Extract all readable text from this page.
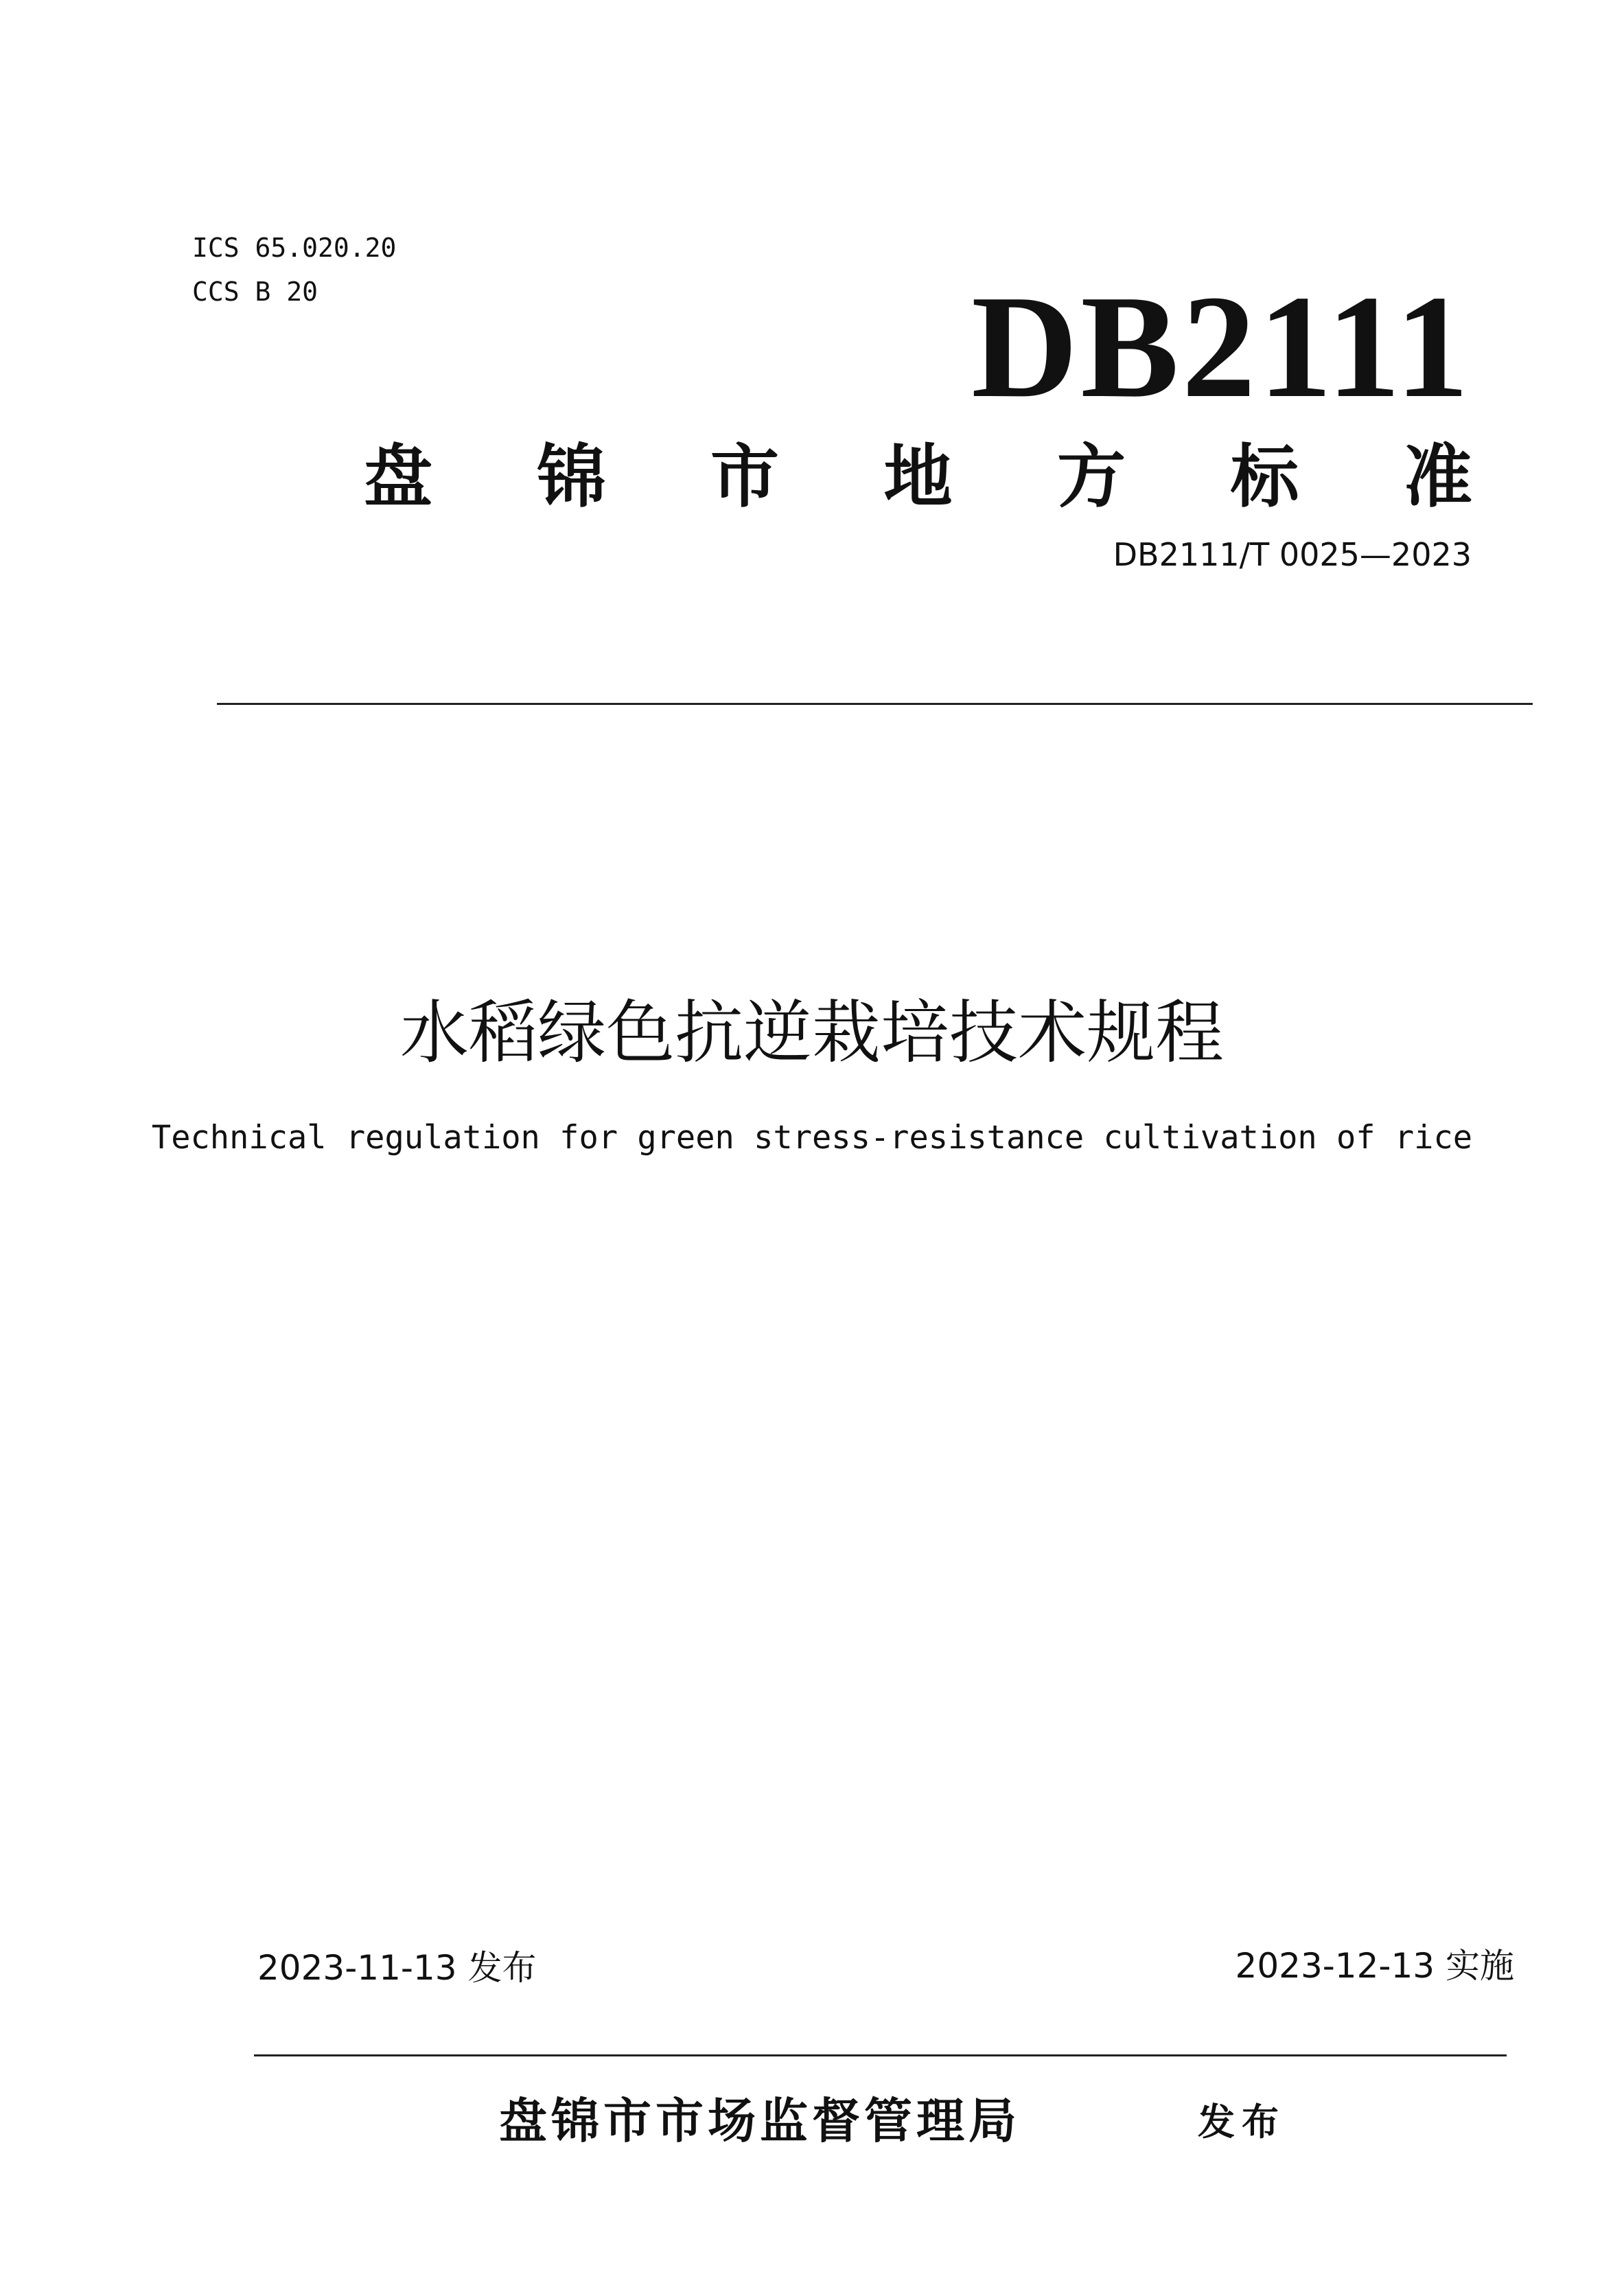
ICS 65.020.20
CCS B 20	DB2111
盘 锦 市 地 方 标 准
DB2111/T 0025—2023
水稻绿色抗逆栽培技术规程
Technical regulation for green stress-resistance cultivation of rice
2023-11-13 发布	2023-12-13 实施
盘锦市市场监督管理局	发布
